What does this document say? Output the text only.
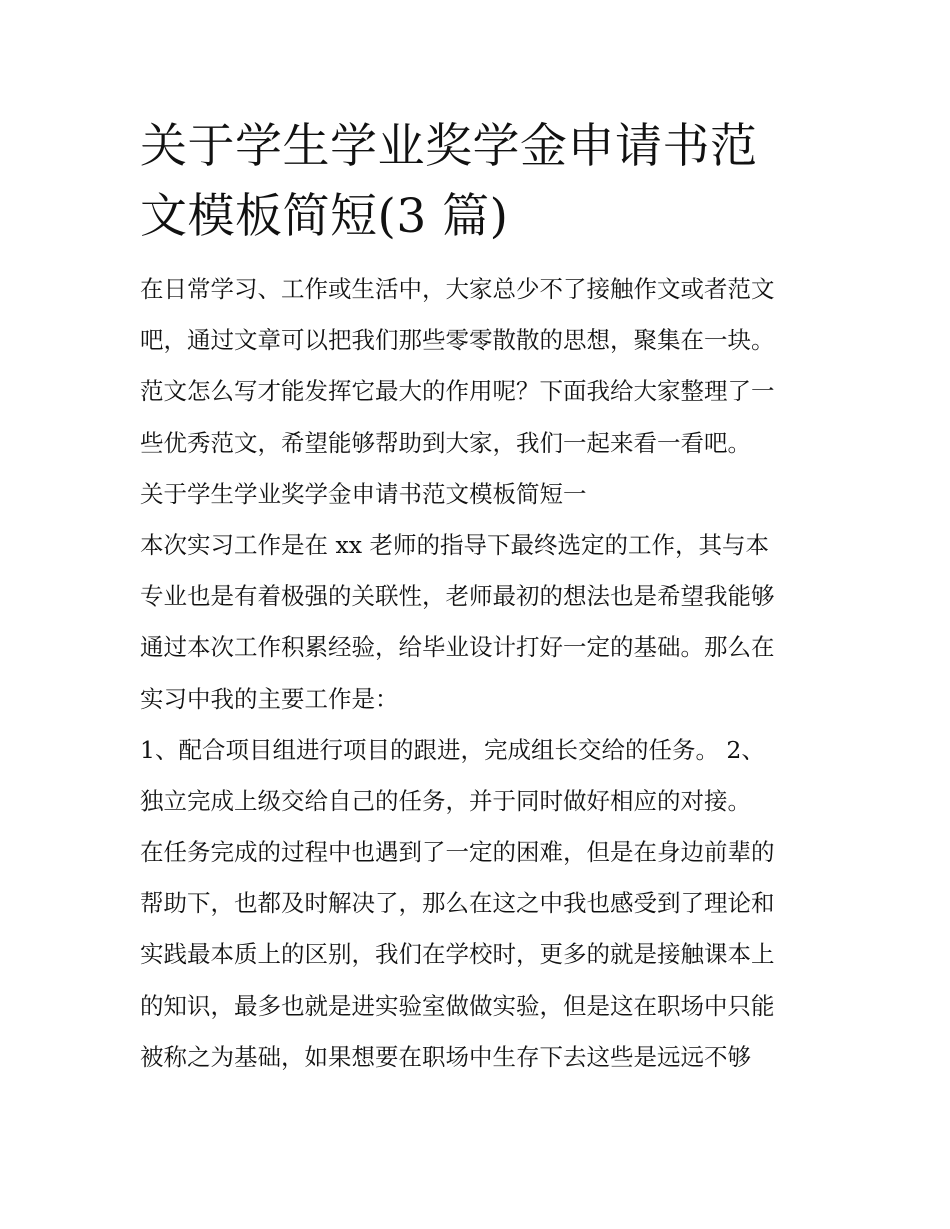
关于学生学业奖学金申请书范
文模板简短(3 篇)
在日常学习、工作或生活中，大家总少不了接触作文或者范文
吧，通过文章可以把我们那些零零散散的思想，聚集在一块。
范文怎么写才能发挥它最大的作用呢？下面我给大家整理了一
些优秀范文，希望能够帮助到大家，我们一起来看一看吧。
关于学生学业奖学金申请书范文模板简短一
本次实习工作是在 xx 老师的指导下最终选定的工作，其与本
专业也是有着极强的关联性，老师最初的想法也是希望我能够
通过本次工作积累经验，给毕业设计打好一定的基础。那么在
实习中我的主要工作是：
1、配合项目组进行项目的跟进，完成组长交给的任务。 2、
独立完成上级交给自己的任务，并于同时做好相应的对接。
在任务完成的过程中也遇到了一定的困难，但是在身边前辈的
帮助下，也都及时解决了，那么在这之中我也感受到了理论和
实践最本质上的区别，我们在学校时，更多的就是接触课本上
的知识，最多也就是进实验室做做实验，但是这在职场中只能
被称之为基础，如果想要在职场中生存下去这些是远远不够
